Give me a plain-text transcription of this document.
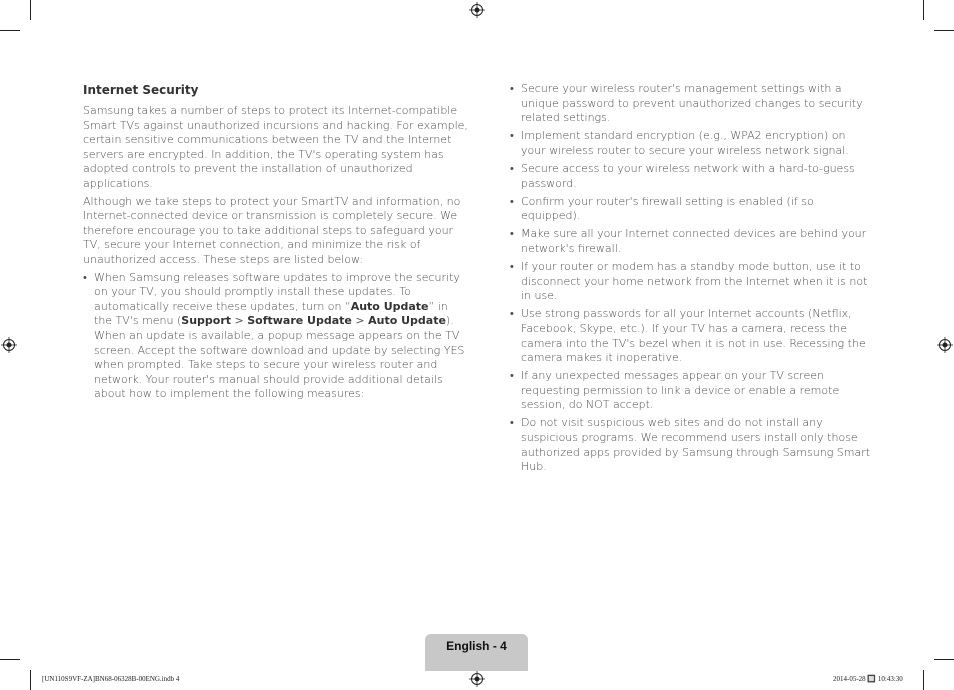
Internet Security

Samsung takes a number of steps to protect its Internet-compatible Smart TVs against unauthorized incursions and hacking. For example, certain sensitive communications between the TV and the Internet servers are encrypted. In addition, the TV's operating system has adopted controls to prevent the installation of unauthorized applications.

Although we take steps to protect your SmartTV and information, no Internet-connected device or transmission is completely secure. We therefore encourage you to take additional steps to safeguard your TV, secure your Internet connection, and minimize the risk of unauthorized access. These steps are listed below:

• When Samsung releases software updates to improve the security on your TV, you should promptly install these updates. To automatically receive these updates, turn on “Auto Update” in the TV's menu (Support > Software Update > Auto Update). When an update is available, a popup message appears on the TV screen. Accept the software download and update by selecting YES when prompted. Take steps to secure your wireless router and network. Your router's manual should provide additional details about how to implement the following measures:
• Secure your wireless router's management settings with a unique password to prevent unauthorized changes to security related settings.
• Implement standard encryption (e.g., WPA2 encryption) on your wireless router to secure your wireless network signal.
• Secure access to your wireless network with a hard-to-guess password.
• Confirm your router's firewall setting is enabled (if so equipped).
• Make sure all your Internet connected devices are behind your network's firewall.
• If your router or modem has a standby mode button, use it to disconnect your home network from the Internet when it is not in use.
• Use strong passwords for all your Internet accounts (Netflix, Facebook, Skype, etc.). If your TV has a camera, recess the camera into the TV's bezel when it is not in use. Recessing the camera makes it inoperative.
• If any unexpected messages appear on your TV screen requesting permission to link a device or enable a remote session, do NOT accept.
• Do not visit suspicious web sites and do not install any suspicious programs. We recommend users install only those authorized apps provided by Samsung through Samsung Smart Hub.
English - 4
[UN110S9VF-ZA]BN68-06328B-00ENG.indb 4	2014-05-28 🔲 10:43:30
